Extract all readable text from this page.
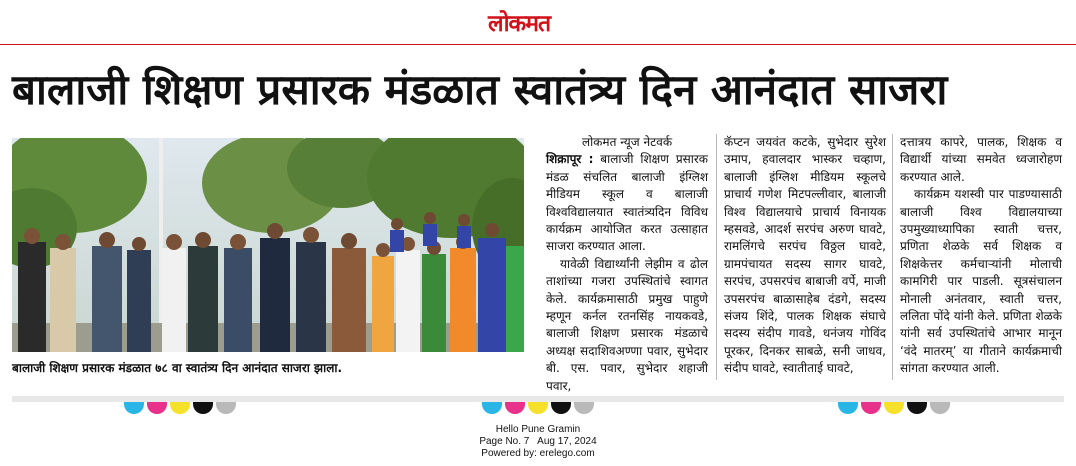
लोकमत
बालाजी शिक्षण प्रसारक मंडळात स्वातंत्र्य दिन आनंदात साजरा
बालाजी शिक्षण प्रसारक मंडळात ७८ वा स्वातंत्र्य दिन आनंदात साजरा झाला.

लोकमत न्यूज नेटवर्क

शिक्रापूर : बालाजी शिक्षण प्रसारक मंडळ संचलित बालाजी इंग्लिश मीडियम स्कूल व बालाजी विश्वविद्यालयात स्वातंत्र्यदिन विविध कार्यक्रम आयोजित करत उत्साहात साजरा करण्यात आला.

यावेळी विद्यार्थ्यांनी लेझीम व ढोल ताशांच्या गजरा उपस्थितांचे स्वागत केले. कार्यक्रमासाठी प्रमुख पाहुणे म्हणून कर्नल रतनसिंह नायकवडे, बालाजी शिक्षण प्रसारक मंडळाचे अध्यक्ष सदाशिवअण्णा पवार, सुभेदार बी. एस. पवार, सुभेदार शहाजी पवार,

कॅप्टन जयवंत कटके, सुभेदार सुरेश उमाप, हवालदार भास्कर चव्हाण, बालाजी इंग्लिश मीडियम स्कूलचे प्राचार्य गणेश मिटपल्लीवार, बालाजी विश्व विद्यालयाचे प्राचार्य विनायक म्हसवडे, आदर्श सरपंच अरुण घावटे, रामलिंगचे सरपंच विठ्ठल घावटे, ग्रामपंचायत सदस्य सागर घावटे, सरपंच, उपसरपंच बाबाजी वर्पे, माजी उपसरपंच बाळासाहेब दंडगे, सदस्य संजय शिंदे, पालक शिक्षक संघाचे सदस्य संदीप गावडे, धनंजय गोविंद पूरकर, दिनकर साबळे, सनी जाधव, संदीप घावटे, स्वातीताई घावटे,

दत्तात्रय कापरे, पालक, शिक्षक व विद्यार्थी यांच्या समवेत ध्वजारोहण करण्यात आले.

कार्यक्रम यशस्वी पार पाडण्यासाठी बालाजी विश्व विद्यालयाच्या उपमुख्याध्यापिका स्वाती चत्तर, प्रणिता शेळके सर्व शिक्षक व शिक्षकेत्तर कर्मचाऱ्यांनी मोलाची कामगिरी पार पाडली. सूत्रसंचालन मोनाली अनंतवार, स्वाती चत्तर, ललिता पोंदे यांनी केले. प्रणिता शेळके यांनी सर्व उपस्थितांचे आभार मानून ‘वंदे मातरम्’ या गीताने कार्यक्रमाची सांगता करण्यात आली.

Hello Pune Gramin
Page No. 7   Aug 17, 2024
Powered by: erelego.com
